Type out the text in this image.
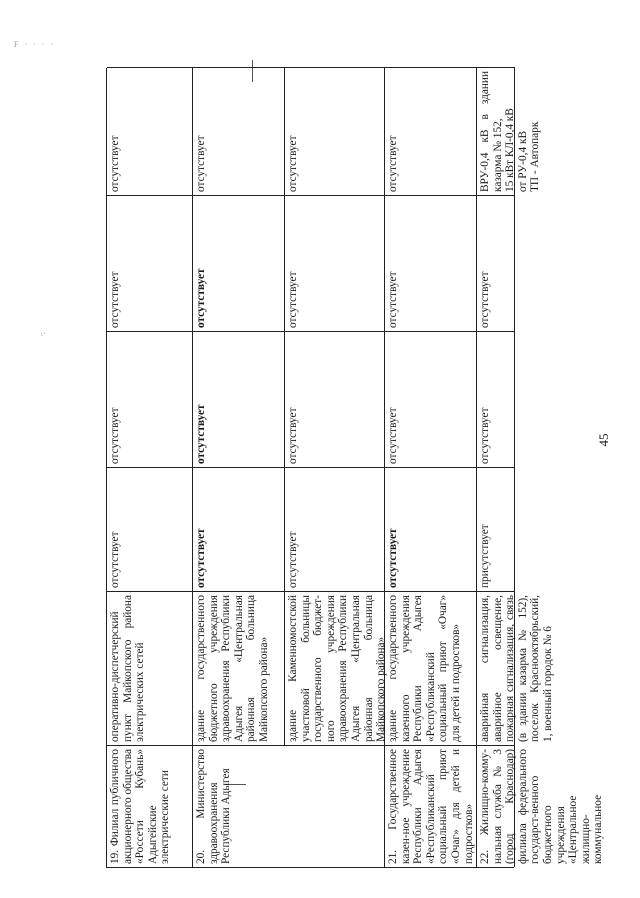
F · · · ·
·:
45
19. Филиал публичного акционерного общества «Россети Кубань» Адыгейские электрические сети
оперативно-диспетчерский пункт Майкопского района электрических сетей
отсутствует
отсутствует
отсутствует
отсутствует
20. Министерство здравоохранения Республики Адыгея
здание государственного бюджетного учреждения здравоохранения Республики Адыгея «Центральная районная больница Майкопского района»
отсутствует
отсутствует
отсутствует
отсутствует
здание Каменномостской участковой больницы государственного бюджет-ного учреждения здравоохранения Республики Адыгея «Центральная районная больница Майкопского района»
отсутствует
отсутствует
отсутствует
отсутствует
21. Государственное казен-ное учреждение Республики Адыгея «Республиканский социальный приют «Очаг» для детей и подростков»
здание государственного казенного учреждения Республики Адыгея «Республиканский социальный приют «Очаг» для детей и подростков»
отсутствует
отсутствует
отсутствует
отсутствует
22. Жилищно-комму-нальная служба № 3 (город Краснодар) филиала федерального государст-венного бюджетного учреждения «Центральное жилищно-коммунальное
аварийная сигнализация, аварийное освещение, пожарная сигнализация, связь (в здании казарма № 152), поселок Краснооктябрьский, 1, военный городок № 6
присутствует
отсутствует
отсутствует
ВРУ-0,4 кВ в здании казарма № 152, 15 кВт КЛ-0,4 кВ от РУ-0,4 кВ ТП - Автопарк
